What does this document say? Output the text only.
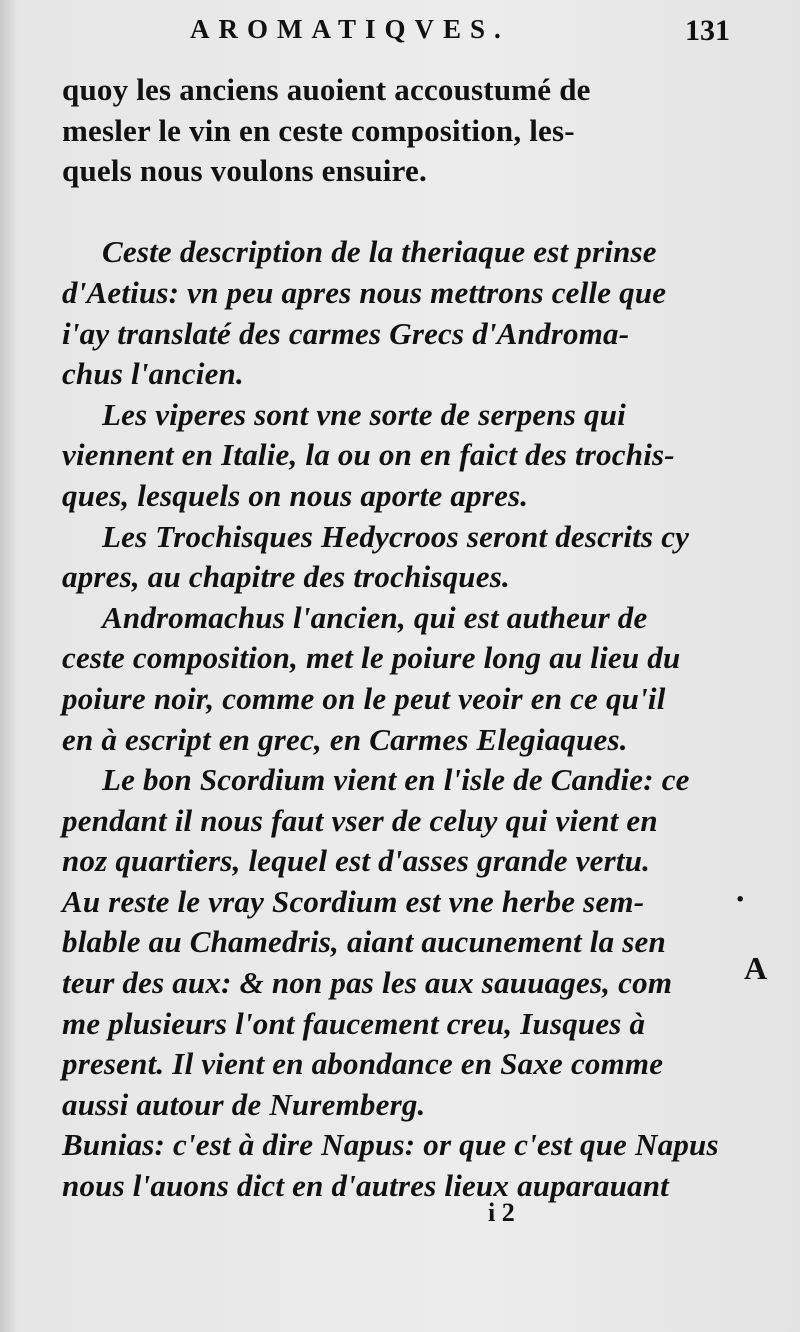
AROMATIQVES.	131
quoy les anciens auoient accoustumé de
mesler le vin en ceste composition, les-
quels nous voulons ensuire.
Ceste description de la theriaque est prinse
d'Aetius: vn peu apres nous mettrons celle que
i'ay translaté des carmes Grecs d'Androma-
chus l'ancien.
Les viperes sont vne sorte de serpens qui
viennent en Italie, la ou on en faict des trochis-
ques, lesquels on nous aporte apres.
Les Trochisques Hedycroos seront descrits cy
apres, au chapitre des trochisques.
Andromachus l'ancien, qui est autheur de
ceste composition, met le poiure long au lieu du
poiure noir, comme on le peut veoir en ce qu'il
en à escript en grec, en Carmes Elegiaques.
Le bon Scordium vient en l'isle de Candie: ce
pendant il nous faut vser de celuy qui vient en
noz quartiers, lequel est d'asses grande vertu.
Au reste le vray Scordium est vne herbe sem-
blable au Chamedris, aiant aucunement la sen
teur des aux: & non pas les aux sauuages, com
me plusieurs l'ont faucement creu, Iusques à
present. Il vient en abondance en Saxe comme
aussi autour de Nuremberg.
Bunias: c'est à dire Napus: or que c'est que Napus
nous l'auons dict en d'autres lieux auparauant
·
A
i 2
